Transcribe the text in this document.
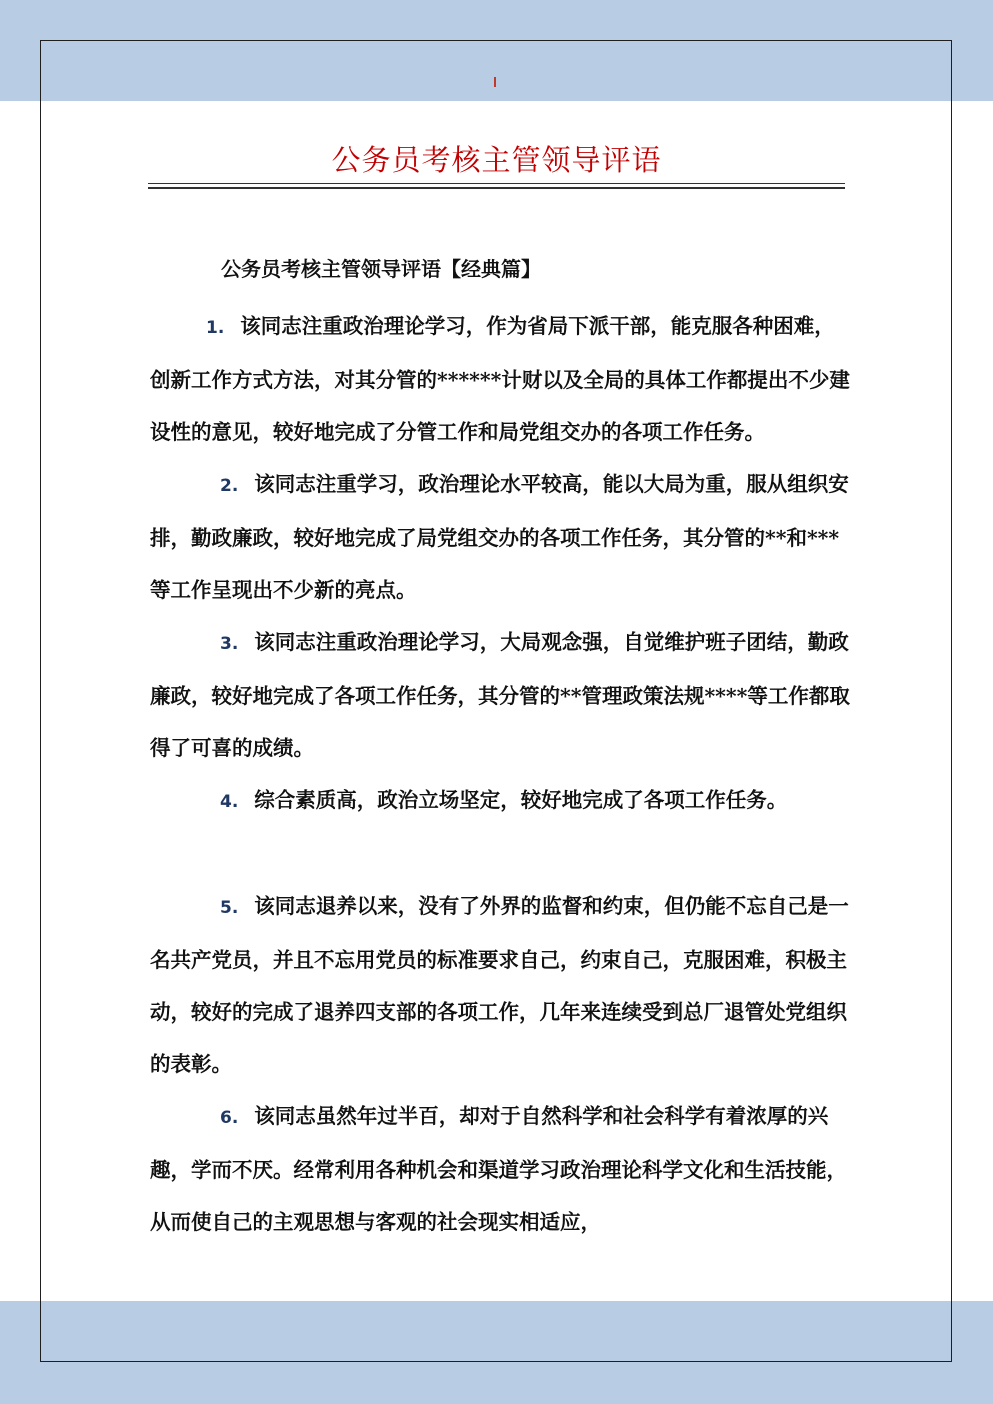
公务员考核主管领导评语
公务员考核主管领导评语【经典篇】

1. 该同志注重政治理论学习，作为省局下派干部，能克服各种困难，创新工作方式方法，对其分管的******计财以及全局的具体工作都提出不少建设性的意见，较好地完成了分管工作和局党组交办的各项工作任务。

2. 该同志注重学习，政治理论水平较高，能以大局为重，服从组织安排，勤政廉政，较好地完成了局党组交办的各项工作任务，其分管的**和***等工作呈现出不少新的亮点。

3. 该同志注重政治理论学习，大局观念强，自觉维护班子团结，勤政廉政，较好地完成了各项工作任务，其分管的**管理政策法规****等工作都取得了可喜的成绩。

4. 综合素质高，政治立场坚定，较好地完成了各项工作任务。

5. 该同志退养以来，没有了外界的监督和约束，但仍能不忘自己是一名共产党员，并且不忘用党员的标准要求自己，约束自己，克服困难，积极主动，较好的完成了退养四支部的各项工作，几年来连续受到总厂退管处党组织的表彰。

6. 该同志虽然年过半百，却对于自然科学和社会科学有着浓厚的兴趣，学而不厌。经常利用各种机会和渠道学习政治理论科学文化和生活技能，从而使自己的主观思想与客观的社会现实相适应，
